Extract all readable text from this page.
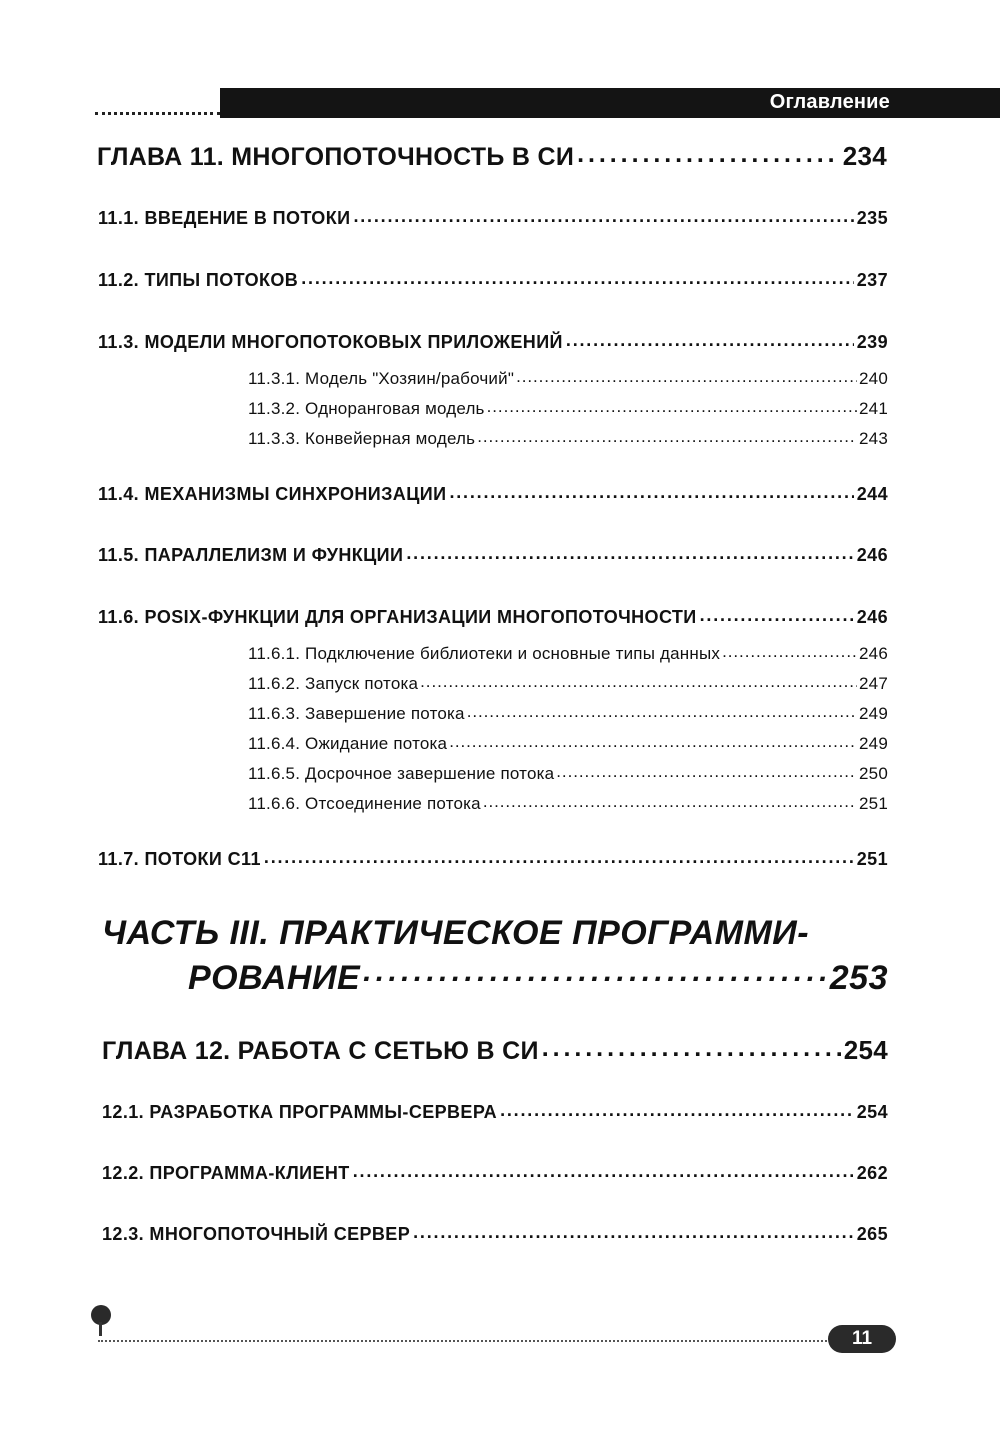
Оглавление
ГЛАВА 11. МНОГОПОТОЧНОСТЬ В СИ . . .	234
11.1. ВВЕДЕНИЕ В ПОТОКИ . . .	235
11.2. ТИПЫ ПОТОКОВ . . .	237
11.3. МОДЕЛИ МНОГОПОТОКОВЫХ ПРИЛОЖЕНИЙ . . .	239
11.3.1. Модель "Хозяин/рабочий" . . .	240
11.3.2. Одноранговая модель . . .	241
11.3.3. Конвейерная модель . . .	243
11.4. МЕХАНИЗМЫ СИНХРОНИЗАЦИИ . . .	244
11.5. ПАРАЛЛЕЛИЗМ И ФУНКЦИИ . . .	246
11.6. POSIX-ФУНКЦИИ ДЛЯ ОРГАНИЗАЦИИ МНОГОПОТОЧНОСТИ . . .	246
11.6.1. Подключение библиотеки и основные типы данных . . .	246
11.6.2. Запуск потока . . .	247
11.6.3. Завершение потока . . .	249
11.6.4. Ожидание потока . . .	249
11.6.5. Досрочное завершение потока . . .	250
11.6.6. Отсоединение потока . . .	251
11.7. ПОТОКИ С11 . . .	251
ЧАСТЬ III. ПРАКТИЧЕСКОЕ ПРОГРАММИ-
РОВАНИЕ . . .	253
ГЛАВА 12. РАБОТА С СЕТЬЮ В СИ . . .	254
12.1. РАЗРАБОТКА ПРОГРАММЫ-СЕРВЕРА . . .	254
12.2. ПРОГРАММА-КЛИЕНТ . . .	262
12.3. МНОГОПОТОЧНЫЙ СЕРВЕР . . .	265
11
